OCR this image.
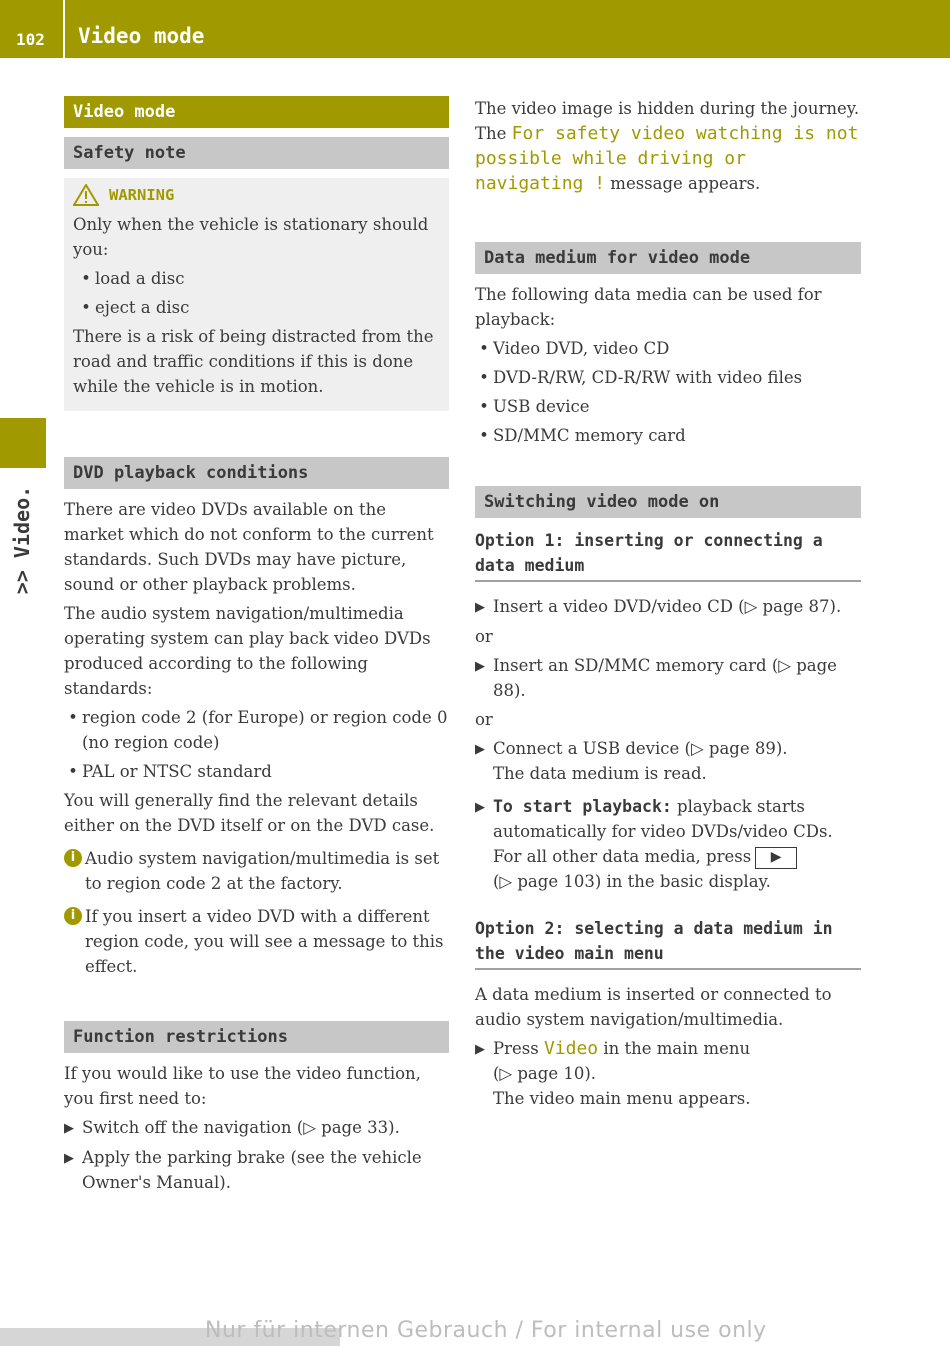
102 Video mode
>> Video.
Video mode
Safety note
WARNING

Only when the vehicle is stationary should you:

• load a disc
• eject a disc

There is a risk of being distracted from the road and traffic conditions if this is done while the vehicle is in motion.

DVD playback conditions

There are video DVDs available on the market which do not conform to the current standards. Such DVDs may have picture, sound or other playback problems.

The audio system navigation/multimedia operating system can play back video DVDs produced according to the following standards:

• region code 2 (for Europe) or region code 0 (no region code)
• PAL or NTSC standard

You will generally find the relevant details either on the DVD itself or on the DVD case.

i Audio system navigation/multimedia is set to region code 2 at the factory.
i If you insert a video DVD with a different region code, you will see a message to this effect.
Function restrictions

If you would like to use the video function, you first need to:

▶ Switch off the navigation (▷ page 33).
▶ Apply the parking brake (see the vehicle Owner's Manual).

The video image is hidden during the journey. The For safety video watching is not possible while driving or navigating ! message appears.

Data medium for video mode

The following data media can be used for playback:

• Video DVD, video CD
• DVD-R/RW, CD-R/RW with video files
• USB device
• SD/MMC memory card
Switching video mode on
Option 1: inserting or connecting a data medium
▶ Insert a video DVD/video CD (▷ page 87).

or

▶ Insert an SD/MMC memory card (▷ page 88).

or

▶ Connect a USB device (▷ page 89).
The data medium is read.
▶ To start playback: playback starts automatically for video DVDs/video CDs. For all other data media, press ▶
(▷ page 103) in the basic display.
Option 2: selecting a data medium in the video main menu

A data medium is inserted or connected to audio system navigation/multimedia.

▶ Press Video in the main menu
(▷ page 10).
The video main menu appears.
Nur für internen Gebrauch / For internal use only
